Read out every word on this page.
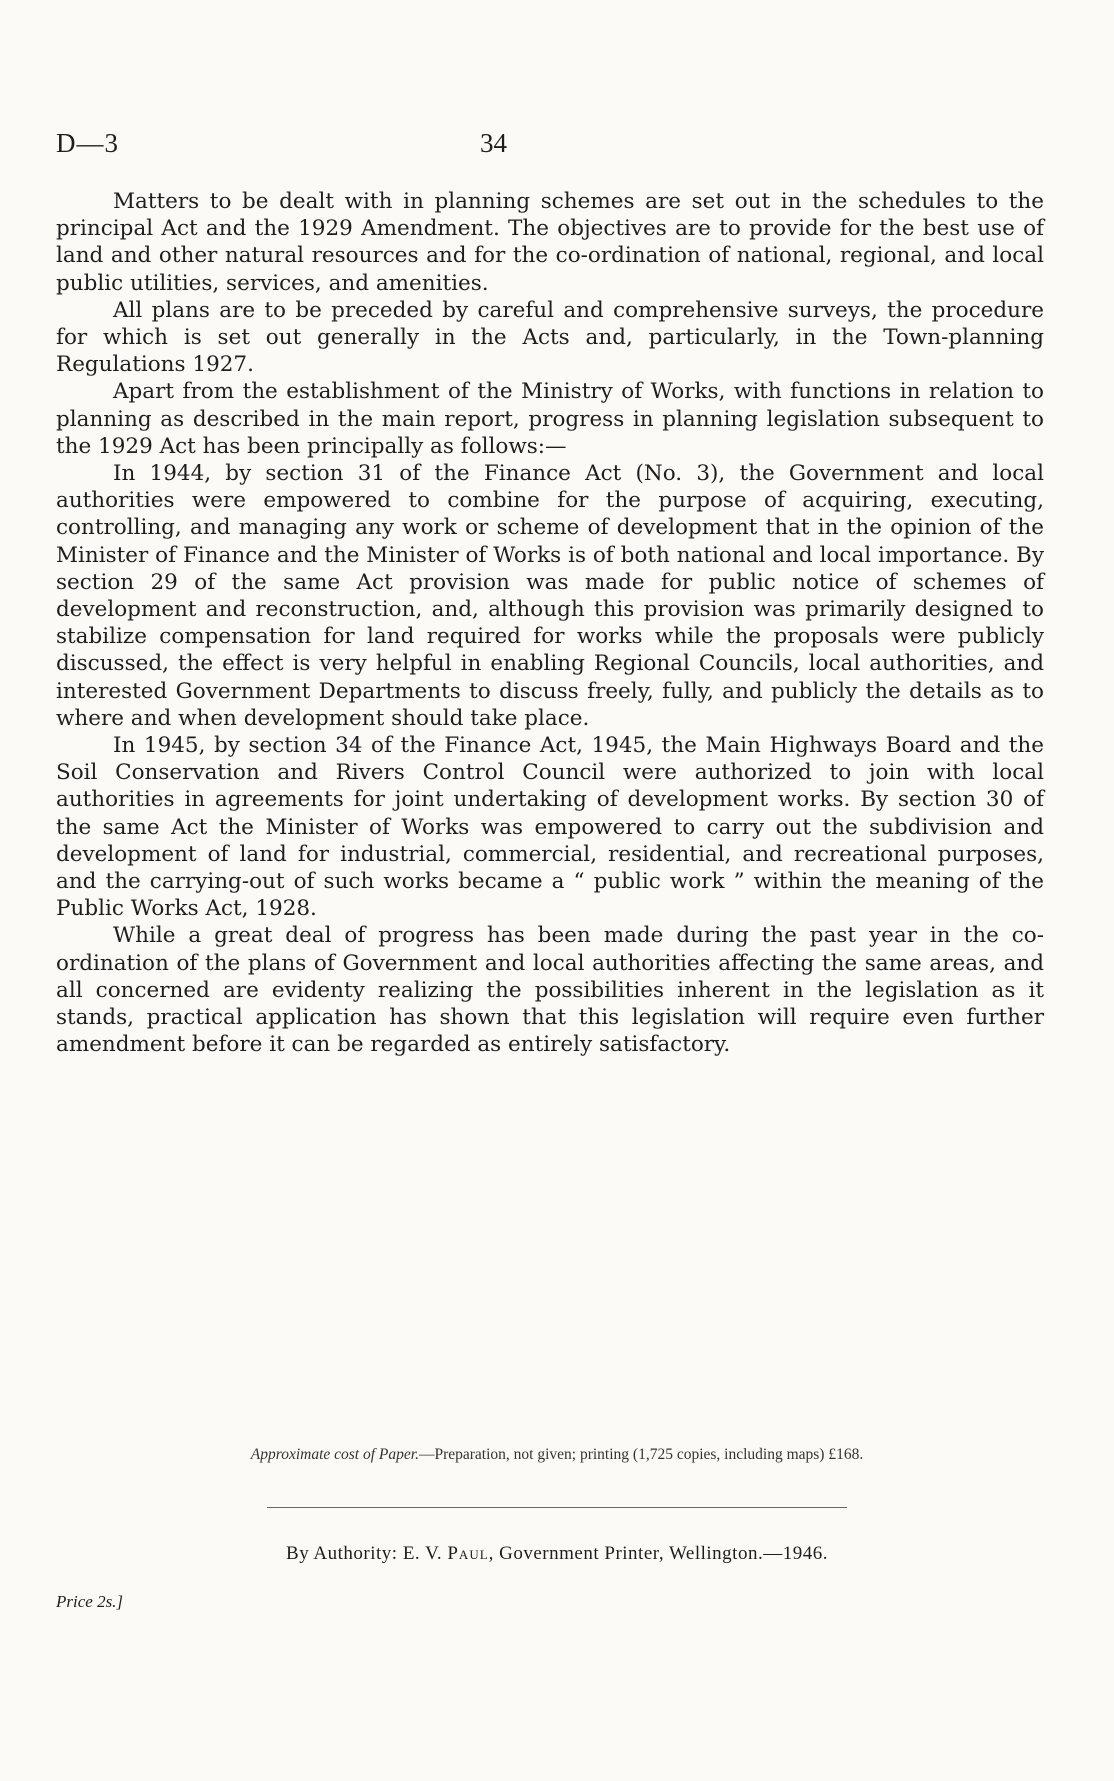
D—3	34

Matters to be dealt with in planning schemes are set out in the schedules to the principal Act and the 1929 Amendment. The objectives are to provide for the best use of land and other natural resources and for the co-ordination of national, regional, and local public utilities, services, and amenities.

All plans are to be preceded by careful and comprehensive surveys, the procedure for which is set out generally in the Acts and, particularly, in the Town-planning Regulations 1927.

Apart from the establishment of the Ministry of Works, with functions in relation to planning as described in the main report, progress in planning legislation subsequent to the 1929 Act has been principally as follows:—

In 1944, by section 31 of the Finance Act (No. 3), the Government and local authorities were empowered to combine for the purpose of acquiring, executing, controlling, and managing any work or scheme of development that in the opinion of the Minister of Finance and the Minister of Works is of both national and local importance. By section 29 of the same Act provision was made for public notice of schemes of development and reconstruction, and, although this provision was primarily designed to stabilize compensation for land required for works while the proposals were publicly discussed, the effect is very helpful in enabling Regional Councils, local authorities, and interested Government Departments to discuss freely, fully, and publicly the details as to where and when development should take place.

In 1945, by section 34 of the Finance Act, 1945, the Main Highways Board and the Soil Conservation and Rivers Control Council were authorized to join with local authorities in agreements for joint undertaking of development works. By section 30 of the same Act the Minister of Works was empowered to carry out the subdivision and development of land for industrial, commercial, residential, and recreational purposes, and the carrying-out of such works became a “ public work ” within the meaning of the Public Works Act, 1928.

While a great deal of progress has been made during the past year in the co-ordination of the plans of Government and local authorities affecting the same areas, and all concerned are evidenty realizing the possibilities inherent in the legislation as it stands, practical application has shown that this legislation will require even further amendment before it can be regarded as entirely satisfactory.

Approximate cost of Paper.—Preparation, not given; printing (1,725 copies, including maps) £168.
By Authority: E. V. Paul, Government Printer, Wellington.—1946.
Price 2s.]
